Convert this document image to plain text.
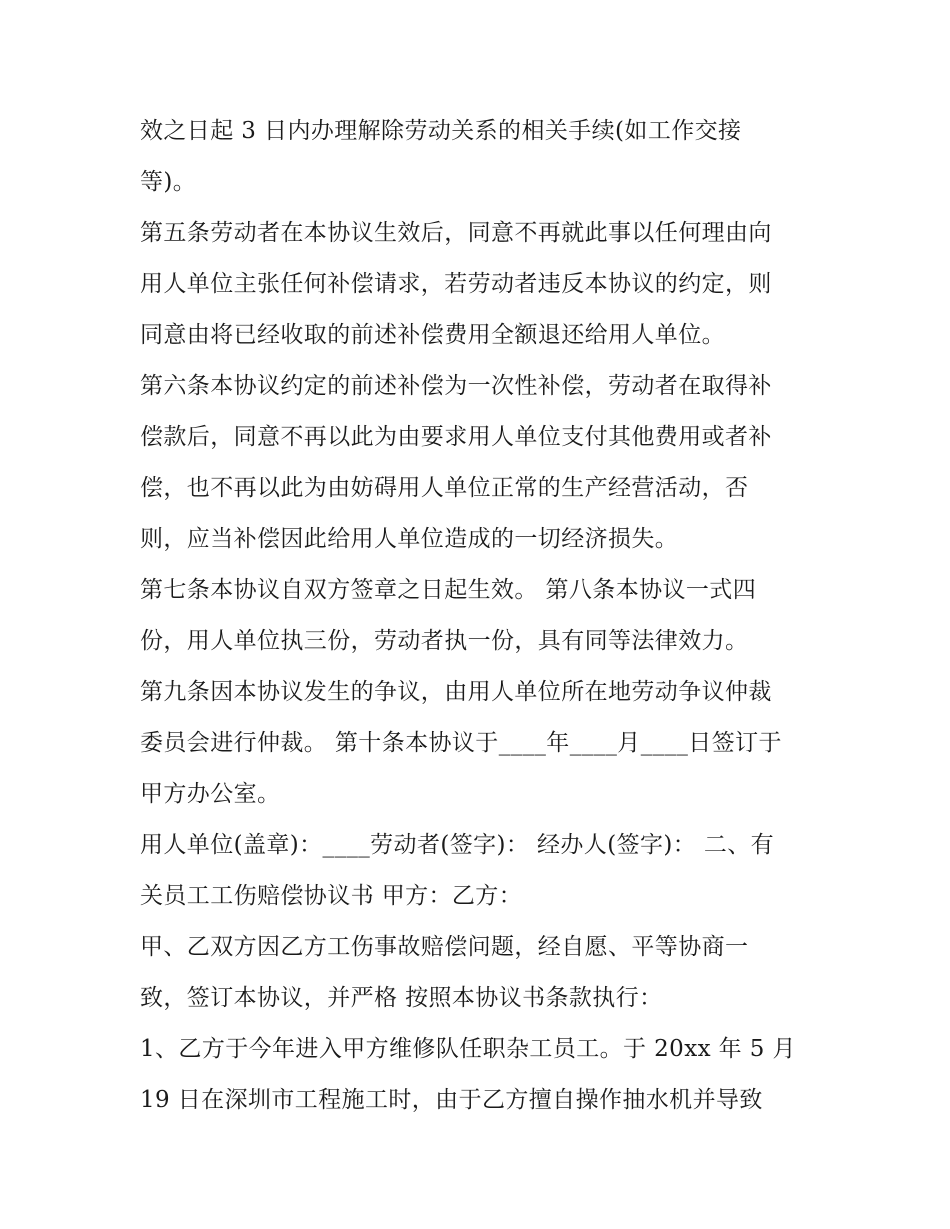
效之日起 3 日内办理解除劳动关系的相关手续(如工作交接
等)。
第五条劳动者在本协议生效后，同意不再就此事以任何理由向
用人单位主张任何补偿请求，若劳动者违反本协议的约定，则
同意由将已经收取的前述补偿费用全额退还给用人单位。
第六条本协议约定的前述补偿为一次性补偿，劳动者在取得补
偿款后，同意不再以此为由要求用人单位支付其他费用或者补
偿，也不再以此为由妨碍用人单位正常的生产经营活动，否
则，应当补偿因此给用人单位造成的一切经济损失。
第七条本协议自双方签章之日起生效。 第八条本协议一式四
份，用人单位执三份，劳动者执一份，具有同等法律效力。
第九条因本协议发生的争议，由用人单位所在地劳动争议仲裁
委员会进行仲裁。 第十条本协议于____年____月____日签订于
甲方办公室。
用人单位(盖章)：____劳动者(签字)： 经办人(签字)： 二、有
关员工工伤赔偿协议书 甲方：乙方：
甲、乙双方因乙方工伤事故赔偿问题，经自愿、平等协商一
致，签订本协议，并严格 按照本协议书条款执行：
1、乙方于今年进入甲方维修队任职杂工员工。于 20xx 年 5 月
19 日在深圳市工程施工时，由于乙方擅自操作抽水机并导致
